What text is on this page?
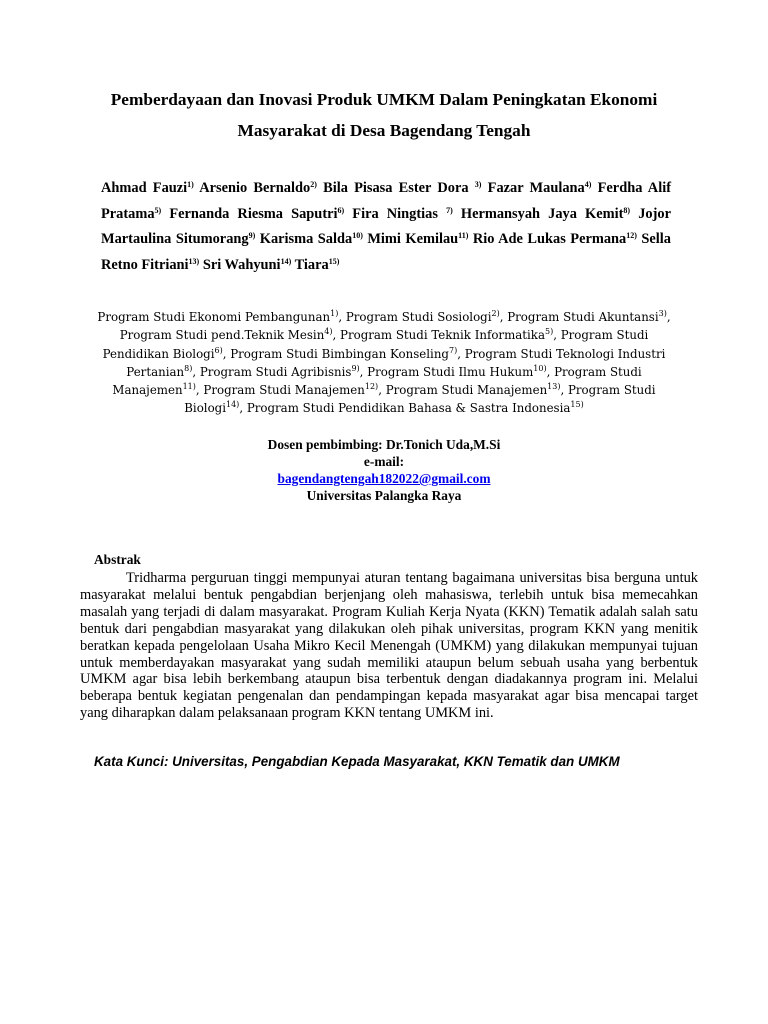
Pemberdayaan dan Inovasi Produk UMKM Dalam Peningkatan Ekonomi
Masyarakat di Desa Bagendang Tengah

Ahmad Fauzi$^{1)}$ Arsenio Bernaldo$^{2)}$ Bila Pisasa Ester Dora $^{3)}$ Fazar Maulana$^{4)}$ Ferdha Alif Pratama$^{5)}$ Fernanda Riesma Saputri$^{6)}$ Fira Ningtias $^{7)}$ Hermansyah Jaya Kemit$^{8)}$ Jojor Martaulina Situmorang$^{9)}$ Karisma Salda$^{10)}$ Mimi Kemilau$^{11)}$ Rio Ade Lukas Permana$^{12)}$ Sella Retno Fitriani$^{13)}$ Sri Wahyuni$^{14)}$ Tiara$^{15)}$

Program Studi Ekonomi Pembangunan$^{1)}$, Program Studi Sosiologi$^{2)}$, Program Studi Akuntansi$^{3)}$, Program Studi pend.Teknik Mesin$^{4)}$, Program Studi Teknik Informatika$^{5)}$, Program Studi Pendidikan Biologi$^{6)}$, Program Studi Bimbingan Konseling$^{7)}$, Program Studi Teknologi Industri Pertanian$^{8)}$, Program Studi Agribisnis$^{9)}$, Program Studi Ilmu Hukum$^{10)}$, Program Studi Manajemen$^{11)}$, Program Studi Manajemen$^{12)}$, Program Studi Manajemen$^{13)}$, Program Studi Biologi$^{14)}$, Program Studi Pendidikan Bahasa & Sastra Indonesia$^{15)}$

Dosen pembimbing: Dr.Tonich Uda,M.Si
e-mail:
bagendangtengah182022@gmail.com
Universitas Palangka Raya
Abstrak

Tridharma perguruan tinggi mempunyai aturan tentang bagaimana universitas bisa berguna untuk masyarakat melalui bentuk pengabdian berjenjang oleh mahasiswa, terlebih untuk bisa memecahkan masalah yang terjadi di dalam masyarakat. Program Kuliah Kerja Nyata (KKN) Tematik adalah salah satu bentuk dari pengabdian masyarakat yang dilakukan oleh pihak universitas, program KKN yang menitik beratkan kepada pengelolaan Usaha Mikro Kecil Menengah (UMKM) yang dilakukan mempunyai tujuan untuk memberdayakan masyarakat yang sudah memiliki ataupun belum sebuah usaha yang berbentuk UMKM agar bisa lebih berkembang ataupun bisa terbentuk dengan diadakannya program ini. Melalui beberapa bentuk kegiatan pengenalan dan pendampingan kepada masyarakat agar bisa mencapai target yang diharapkan dalam pelaksanaan program KKN tentang UMKM ini.

Kata Kunci: Universitas, Pengabdian Kepada Masyarakat, KKN Tematik dan UMKM
